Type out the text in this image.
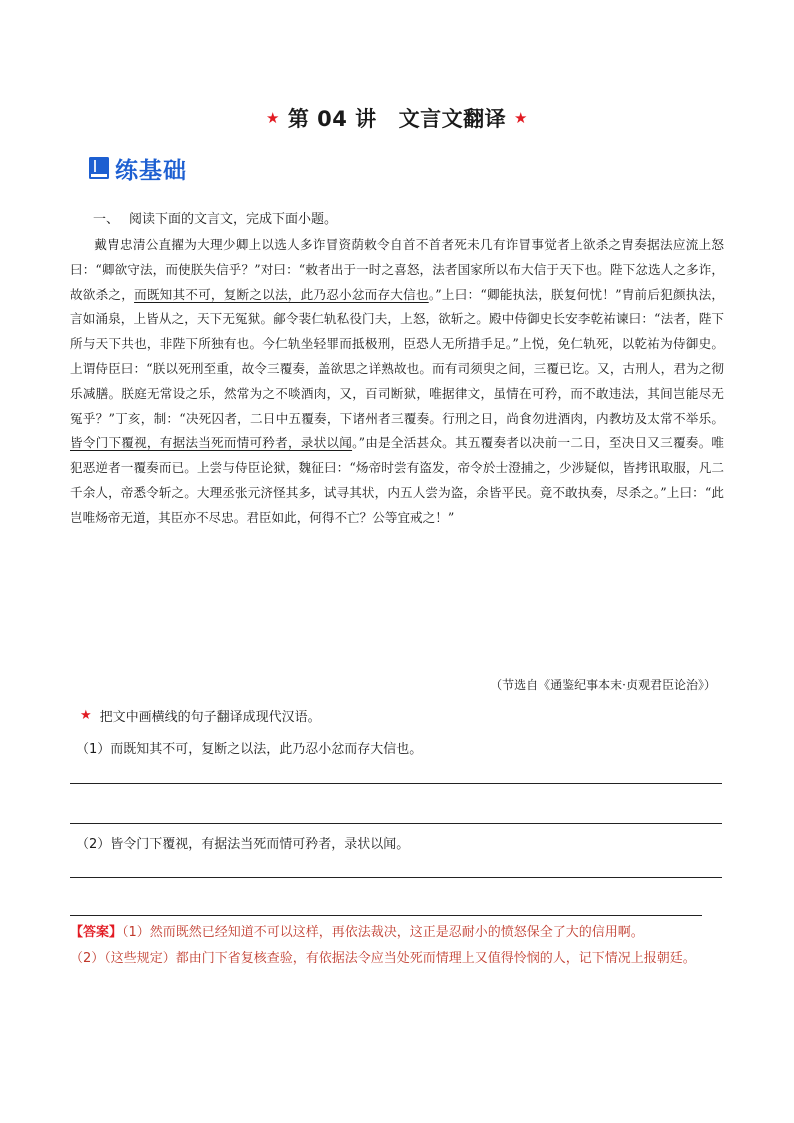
★ 第 04 讲 文言文翻译 ★
练基础
一、 阅读下面的文言文，完成下面小题。

戴胄忠清公直擢为大理少卿上以选人多诈冒资荫敕令自首不首者死未几有诈冒事觉者上欲杀之胄奏据法应流上怒曰：“卿欲守法，而使朕失信乎？”对曰：“敕者出于一时之喜怒，法者国家所以布大信于天下也。陛下忿选人之多诈，故欲杀之，而既知其不可，复断之以法，此乃忍小忿而存大信也。”上曰：“卿能执法，朕复何忧！”胄前后犯颜执法，言如涌泉，上皆从之，天下无冤狱。鄃令裴仁轨私役门夫，上怒，欲斩之。殿中侍御史长安李乾祐谏曰：“法者，陛下所与天下共也，非陛下所独有也。今仁轨坐轻罪而抵极刑，臣恐人无所措手足。”上悦，免仁轨死，以乾祐为侍御史。上谓侍臣曰：“朕以死刑至重，故令三覆奏，盖欲思之详熟故也。而有司须臾之间，三覆已讫。又，古刑人，君为之彻乐减膳。朕庭无常设之乐，然常为之不啖酒肉，又，百司断狱，唯据律文，虽情在可矜，而不敢违法，其间岂能尽无冤乎？”丁亥，制：“决死囚者，二日中五覆奏，下诸州者三覆奏。行刑之日，尚食勿进酒肉，内教坊及太常不举乐。皆令门下覆视，有据法当死而情可矜者，录状以闻。”由是全活甚众。其五覆奏者以决前一二日，至决日又三覆奏。唯犯恶逆者一覆奏而已。上尝与侍臣论狱，魏征曰：“炀帝时尝有盗发，帝令於士澄捕之，少涉疑似，皆拷讯取服，凡二千余人，帝悉令斩之。大理丞张元济怪其多，试寻其状，内五人尝为盗，余皆平民。竟不敢执奏，尽杀之。”上曰：“此岂唯炀帝无道，其臣亦不尽忠。君臣如此，何得不亡？公等宜戒之！”

（节选自《通鉴纪事本末·贞观君臣论治》）
★ 把文中画横线的句子翻译成现代汉语。
（1）而既知其不可，复断之以法，此乃忍小忿而存大信也。
（2）皆令门下覆视，有据法当死而情可矜者，录状以闻。
【答案】（1）然而既然已经知道不可以这样，再依法裁决，这正是忍耐小的愤怒保全了大的信用啊。
（2）（这些规定）都由门下省复核查验，有依据法令应当处死而情理上又值得怜悯的人，记下情况上报朝廷。
